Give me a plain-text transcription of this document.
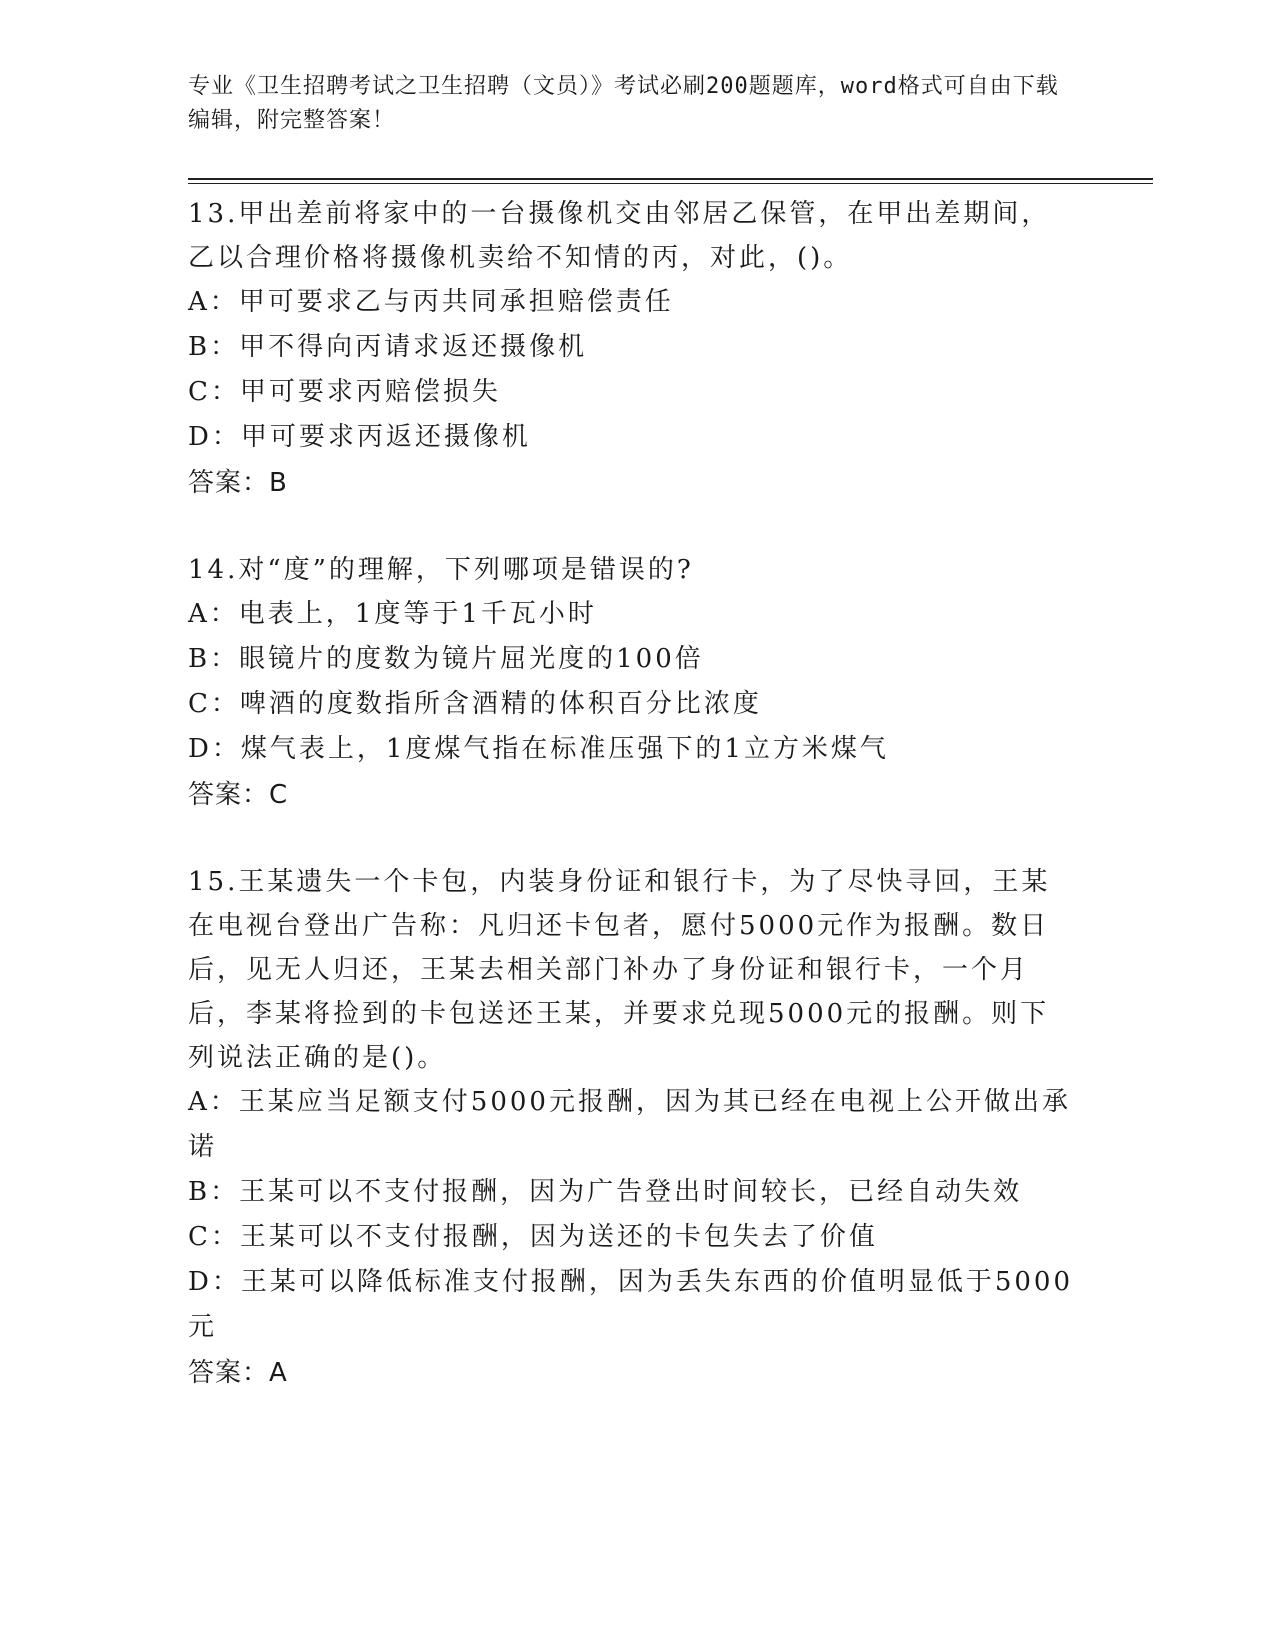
专业《卫生招聘考试之卫生招聘（文员）》考试必刷200题题库，word格式可自由下载编辑，附完整答案！

13.甲出差前将家中的一台摄像机交由邻居乙保管，在甲出差期间，乙以合理价格将摄像机卖给不知情的丙，对此，()。

A：甲可要求乙与丙共同承担赔偿责任

B：甲不得向丙请求返还摄像机

C：甲可要求丙赔偿损失

D：甲可要求丙返还摄像机

答案：B

14.对“度”的理解，下列哪项是错误的?

A：电表上，1度等于1千瓦小时

B：眼镜片的度数为镜片屈光度的100倍

C：啤酒的度数指所含酒精的体积百分比浓度

D：煤气表上，1度煤气指在标准压强下的1立方米煤气

答案：C

15.王某遗失一个卡包，内装身份证和银行卡，为了尽快寻回，王某在电视台登出广告称：凡归还卡包者，愿付5000元作为报酬。数日后，见无人归还，王某去相关部门补办了身份证和银行卡，一个月后，李某将捡到的卡包送还王某，并要求兑现5000元的报酬。则下列说法正确的是()。

A：王某应当足额支付5000元报酬，因为其已经在电视上公开做出承诺

B：王某可以不支付报酬，因为广告登出时间较长，已经自动失效

C：王某可以不支付报酬，因为送还的卡包失去了价值

D：王某可以降低标准支付报酬，因为丢失东西的价值明显低于5000元

答案：A
